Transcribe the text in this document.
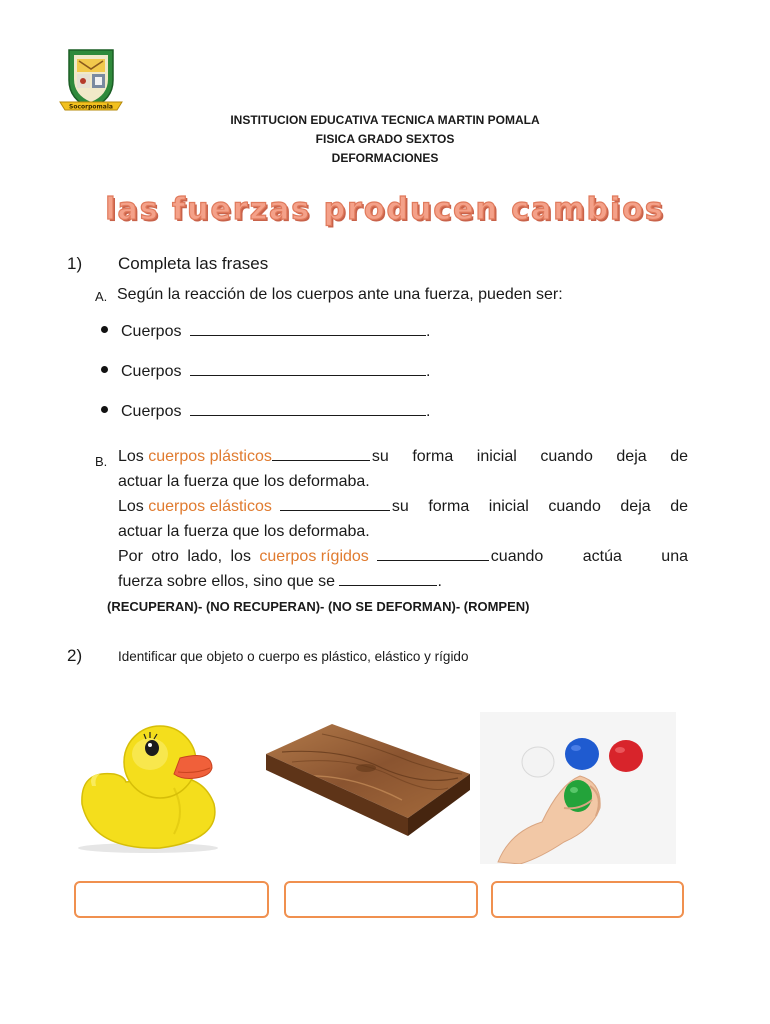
Socorpomala
INSTITUCION EDUCATIVA TECNICA MARTIN POMALA
FISICA GRADO SEXTOS
DEFORMACIONES
las fuerzas producen cambios
1) Completa las frases
A. Según la reacción de los cuerpos ante una fuerza, pueden ser:
Cuerpos	.
Cuerpos	.
Cuerpos	.
B. Los cuerpos plásticos	su forma inicial cuando deja de
actuar la fuerza que los deformaba.
Los cuerpos elásticos	su forma inicial cuando deja de
actuar la fuerza que los deformaba.
Por otro lado, los cuerpos rígidos	cuando actúa una
fuerza sobre ellos, sino que se	.
(RECUPERAN)- (NO RECUPERAN)- (NO SE DEFORMAN)- (ROMPEN)
2)	Identificar que objeto o cuerpo es plástico, elástico y rígido
